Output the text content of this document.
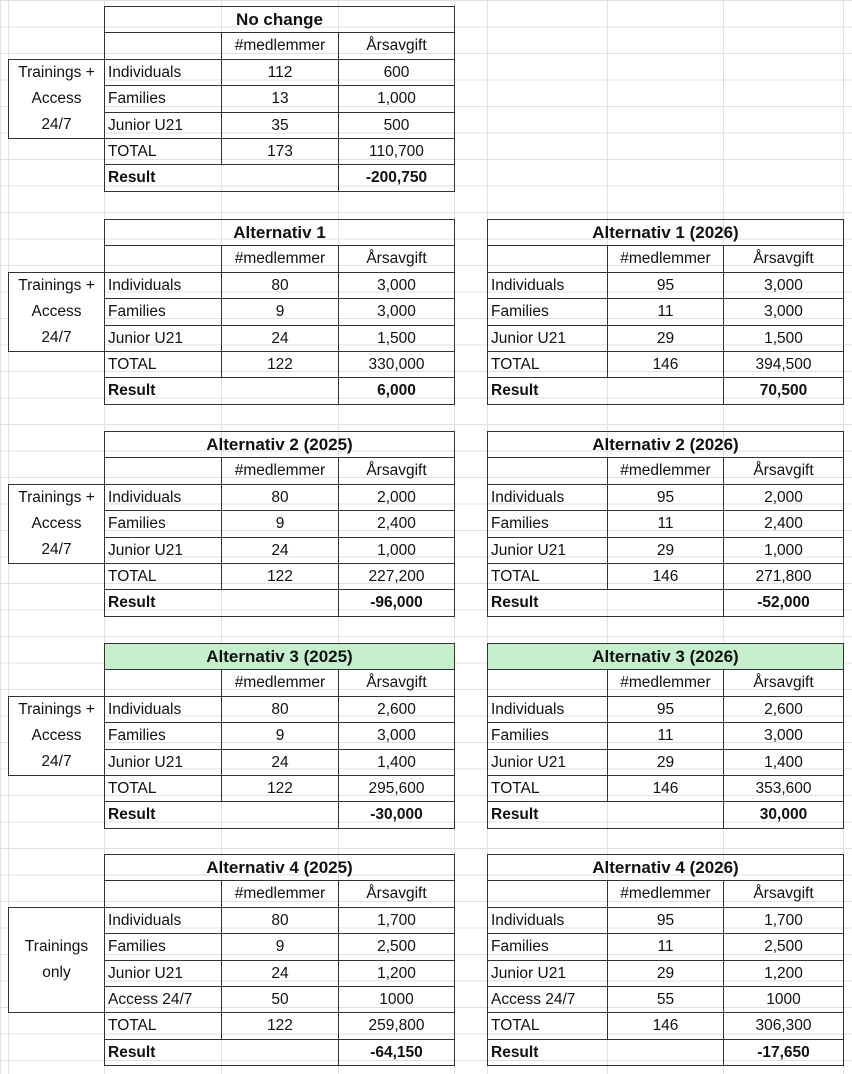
No change
#medlemmer	Årsavgift
Individuals	112	600
Families	13	1,000
Junior U21	35	500
TOTAL	173	110,700
Result	-200,750
Trainings +
Access
24/7
Alternativ 1
#medlemmer	Årsavgift
Individuals	80	3,000
Families	9	3,000
Junior U21	24	1,500
TOTAL	122	330,000
Result	6,000
Trainings +
Access
24/7
Alternativ 1 (2026)
#medlemmer	Årsavgift
Individuals	95	3,000
Families	11	3,000
Junior U21	29	1,500
TOTAL	146	394,500
Result	70,500
Alternativ 2 (2025)
#medlemmer	Årsavgift
Individuals	80	2,000
Families	9	2,400
Junior U21	24	1,000
TOTAL	122	227,200
Result	-96,000
Trainings +
Access
24/7
Alternativ 2 (2026)
#medlemmer	Årsavgift
Individuals	95	2,000
Families	11	2,400
Junior U21	29	1,000
TOTAL	146	271,800
Result	-52,000
Alternativ 3 (2025)
#medlemmer	Årsavgift
Individuals	80	2,600
Families	9	3,000
Junior U21	24	1,400
TOTAL	122	295,600
Result	-30,000
Trainings +
Access
24/7
Alternativ 3 (2026)
#medlemmer	Årsavgift
Individuals	95	2,600
Families	11	3,000
Junior U21	29	1,400
TOTAL	146	353,600
Result	30,000
Alternativ 4 (2025)
#medlemmer	Årsavgift
Individuals	80	1,700
Families	9	2,500
Junior U21	24	1,200
Access 24/7	50	1000
TOTAL	122	259,800
Result	-64,150
Trainings
only
Alternativ 4 (2026)
#medlemmer	Årsavgift
Individuals	95	1,700
Families	11	2,500
Junior U21	29	1,200
Access 24/7	55	1000
TOTAL	146	306,300
Result	-17,650
